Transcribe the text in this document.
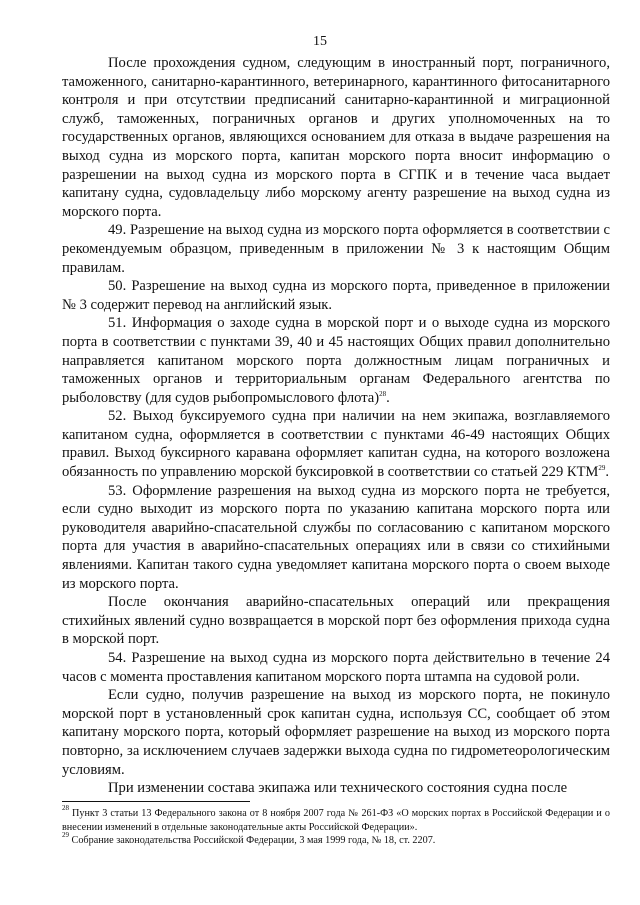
15

После прохождения судном, следующим в иностранный порт, пограничного, таможенного, санитарно-карантинного, ветеринарного, карантинного фитосанитарного контроля и при отсутствии предписаний санитарно-карантинной и миграционной служб, таможенных, пограничных органов и других уполномоченных на то государственных органов, являющихся основанием для отказа в выдаче разрешения на выход судна из морского порта, капитан морского порта вносит информацию о разрешении на выход судна из морского порта в СГПК и в течение часа выдает капитану судна, судовладельцу либо морскому агенту разрешение на выход судна из морского порта.

49. Разрешение на выход судна из морского порта оформляется в соответствии с рекомендуемым образцом, приведенным в приложении № 3 к настоящим Общим правилам.

50. Разрешение на выход судна из морского порта, приведенное в приложении № 3 содержит перевод на английский язык.

51. Информация о заходе судна в морской порт и о выходе судна из морского порта в соответствии с пунктами 39, 40 и 45 настоящих Общих правил дополнительно направляется капитаном морского порта должностным лицам пограничных и таможенных органов и территориальным органам Федерального агентства по рыболовству (для судов рыбопромыслового флота)$^{28}$.

52. Выход буксируемого судна при наличии на нем экипажа, возглавляемого капитаном судна, оформляется в соответствии с пунктами 46-49 настоящих Общих правил. Выход буксирного каравана оформляет капитан судна, на которого возложена обязанность по управлению морской буксировкой в соответствии со статьей 229 КТМ$^{29}$.

53. Оформление разрешения на выход судна из морского порта не требуется, если судно выходит из морского порта по указанию капитана морского порта или руководителя аварийно-спасательной службы по согласованию с капитаном морского порта для участия в аварийно-спасательных операциях или в связи со стихийными явлениями. Капитан такого судна уведомляет капитана морского порта о своем выходе из морского порта.

После окончания аварийно-спасательных операций или прекращения стихийных явлений судно возвращается в морской порт без оформления прихода судна в морской порт.

54. Разрешение на выход судна из морского порта действительно в течение 24 часов с момента проставления капитаном морского порта штампа на судовой роли.

Если судно, получив разрешение на выход из морского порта, не покинуло морской порт в установленный срок капитан судна, используя СС, сообщает об этом капитану морского порта, который оформляет разрешение на выход из морского порта повторно, за исключением случаев задержки выхода судна по гидрометеорологическим условиям.

При изменении состава экипажа или технического состояния судна после

$^{28}$ Пункт 3 статьи 13 Федерального закона от 8 ноября 2007 года № 261-ФЗ «О морских портах в Российской Федерации и о внесении изменений в отдельные законодательные акты Российской Федерации».

$^{29}$ Собрание законодательства Российской Федерации, 3 мая 1999 года, № 18, ст. 2207.
